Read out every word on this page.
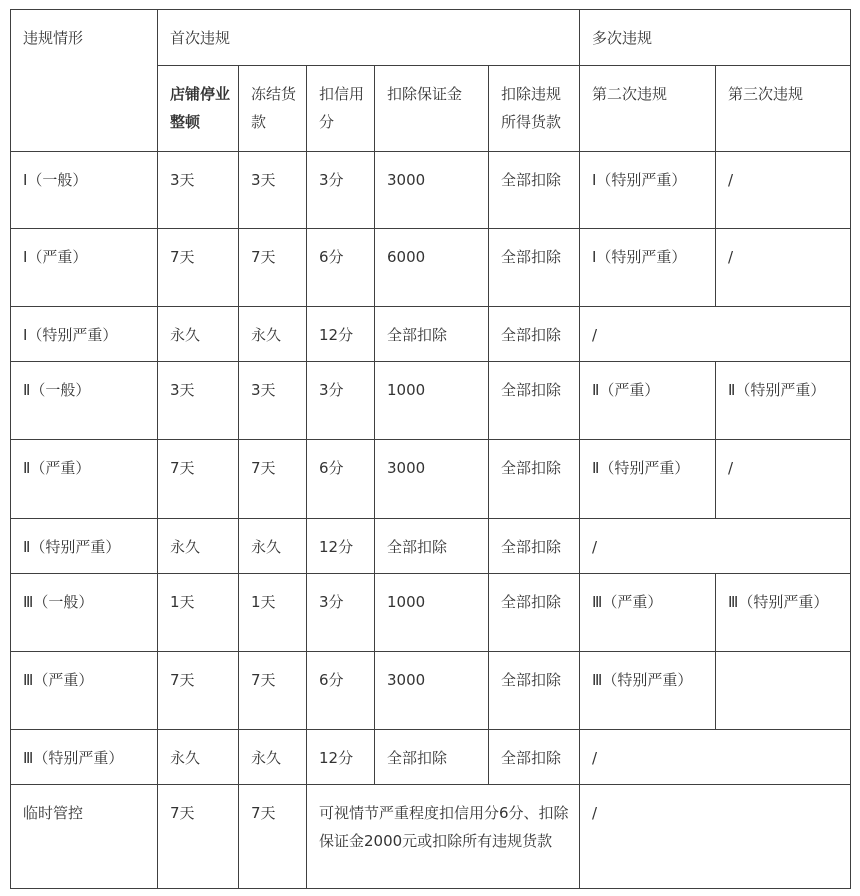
违规情形	首次违规					多次违规	
	店铺停业整顿	冻结货款	扣信用分	扣除保证金	扣除违规所得货款	第二次违规	第三次违规
Ⅰ（一般）	3天	3天	3分	3000	全部扣除	Ⅰ（特别严重）	/
Ⅰ（严重）	7天	7天	6分	6000	全部扣除	Ⅰ（特别严重）	/
Ⅰ（特别严重）	永久	永久	12分	全部扣除	全部扣除	/	
Ⅱ（一般）	3天	3天	3分	1000	全部扣除	Ⅱ（严重）	Ⅱ（特别严重）
Ⅱ（严重）	7天	7天	6分	3000	全部扣除	Ⅱ（特别严重）	/
Ⅱ（特别严重）	永久	永久	12分	全部扣除	全部扣除	/	
Ⅲ（一般）	1天	1天	3分	1000	全部扣除	Ⅲ（严重）	Ⅲ（特别严重）
Ⅲ（严重）	7天	7天	6分	3000	全部扣除	Ⅲ（特别严重）	
Ⅲ（特别严重）	永久	永久	12分	全部扣除	全部扣除	/	
临时管控	7天	7天	可视情节严重程度扣信用分6分、扣除保证金2000元或扣除所有违规货款			/	
